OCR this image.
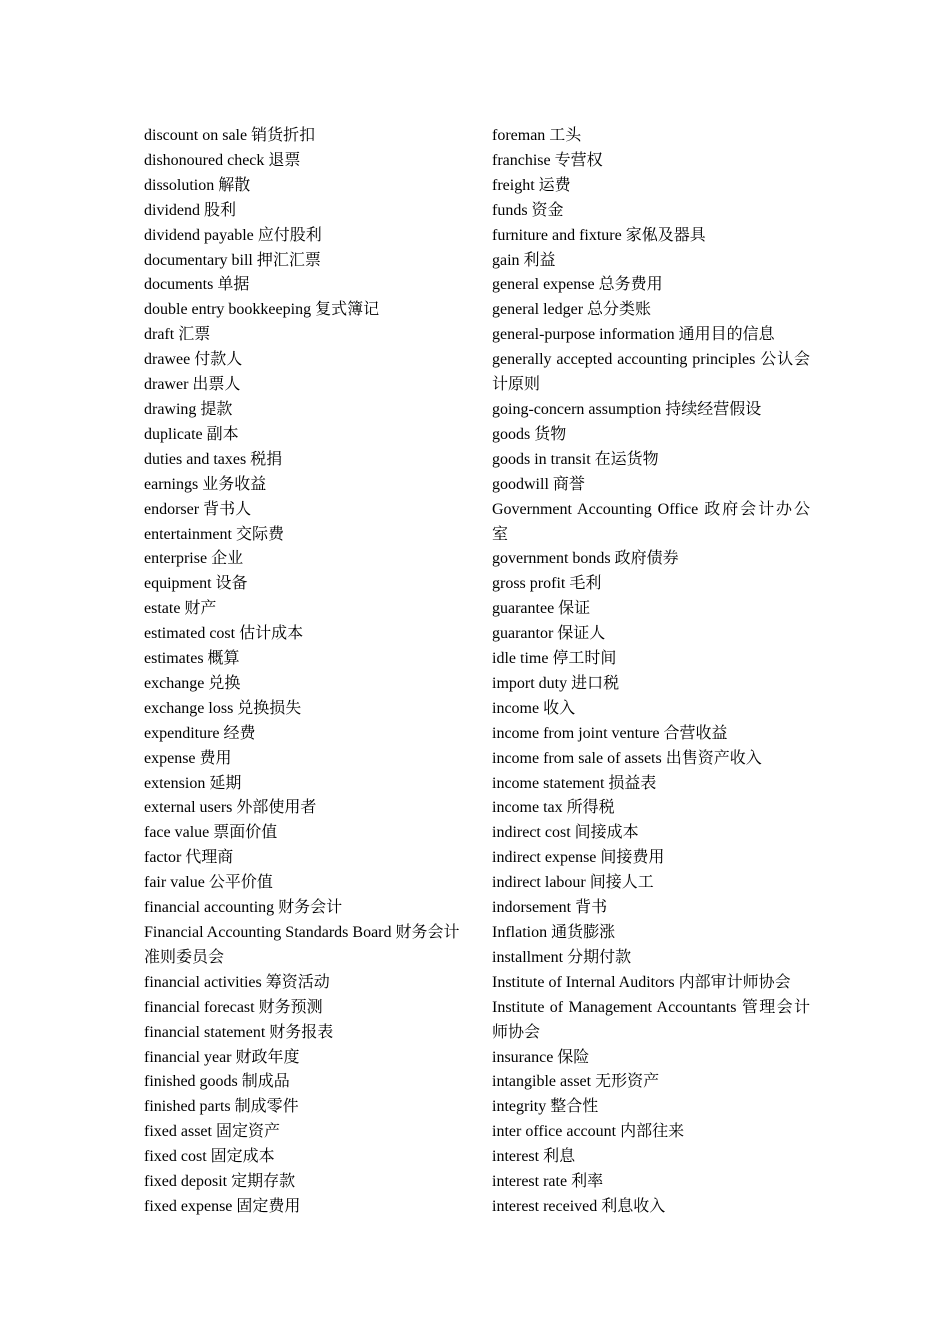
discount on sale 销货折扣

dishonoured check 退票

dissolution 解散

dividend 股利

dividend payable 应付股利

documentary bill 押汇汇票

documents 单据

double entry bookkeeping 复式簿记

draft 汇票

drawee 付款人

drawer 出票人

drawing 提款

duplicate 副本

duties and taxes 税捐

earnings 业务收益

endorser 背书人

entertainment 交际费

enterprise 企业

equipment 设备

estate 财产

estimated cost 估计成本

estimates 概算

exchange 兑换

exchange loss 兑换损失

expenditure 经费

expense 费用

extension 延期

external users 外部使用者

face value 票面价值

factor 代理商

fair value 公平价值

financial accounting 财务会计

Financial Accounting Standards Board 财务会计准则委员会

financial activities 筹资活动

financial forecast 财务预测

financial statement 财务报表

financial year 财政年度

finished goods 制成品

finished parts 制成零件

fixed asset 固定资产

fixed cost 固定成本

fixed deposit 定期存款

fixed expense 固定费用

foreman 工头

franchise 专营权

freight 运费

funds 资金

furniture and fixture 家俬及器具

gain 利益

general expense 总务费用

general ledger 总分类账

general-purpose information 通用目的信息

generally accepted accounting principles 公认会计原则

going-concern assumption 持续经营假设

goods 货物

goods in transit 在运货物

goodwill 商誉

Government Accounting Office 政府会计办公室

government bonds 政府债券

gross profit 毛利

guarantee 保证

guarantor 保证人

idle time 停工时间

import duty 进口税

income 收入

income from joint venture 合营收益

income from sale of assets 出售资产收入

income statement 损益表

income tax 所得税

indirect cost 间接成本

indirect expense 间接费用

indirect labour 间接人工

indorsement 背书

Inflation 通货膨涨

installment 分期付款

Institute of Internal Auditors 内部审计师协会

Institute of Management Accountants 管理会计师协会

insurance 保险

intangible asset 无形资产

integrity 整合性

inter office account 内部往来

interest 利息

interest rate 利率

interest received 利息收入
